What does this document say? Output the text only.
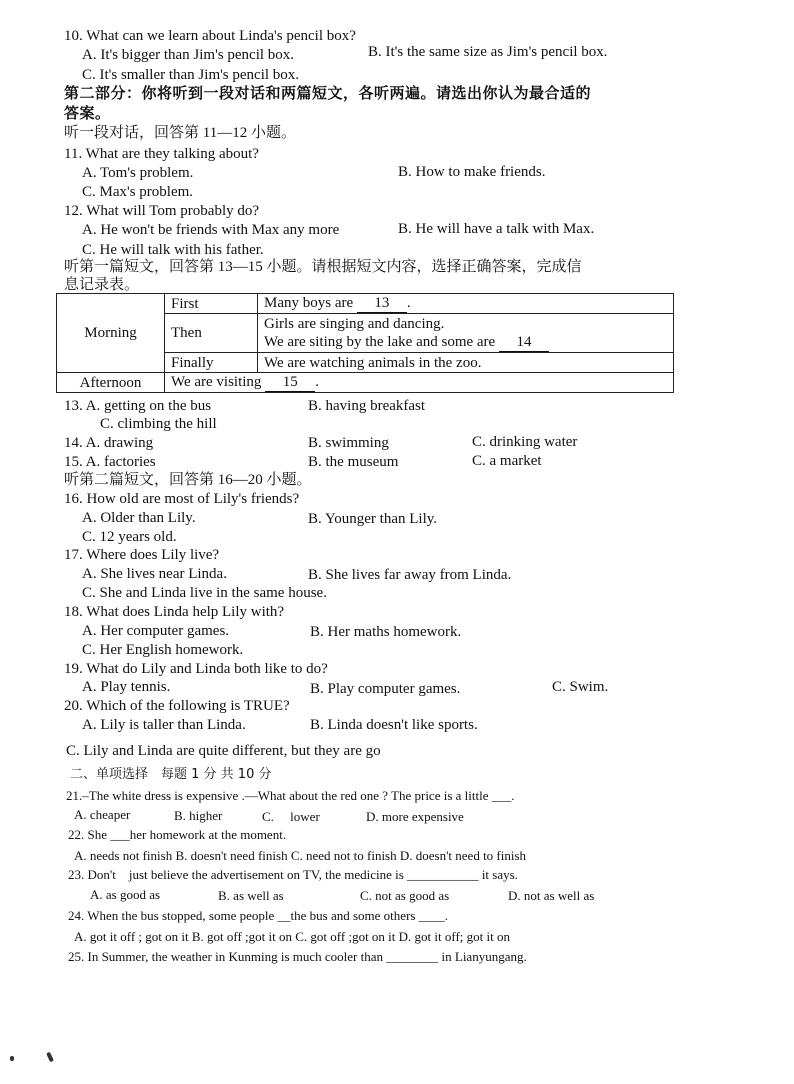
10. What can we learn about Linda's pencil box?
A. It's bigger than Jim's pencil box.	B. It's the same size as Jim's pencil box.
C. It's smaller than Jim's pencil box.
第二部分：你将听到一段对话和两篇短文，各听两遍。请选出你认为最合适的
答案。
听一段对话，回答第 11—12 小题。
11. What are they talking about?
A. Tom's problem.	B. How to make friends.
C. Max's problem.
12. What will Tom probably do?
A. He won't be friends with Max any more	B. He will have a talk with Max.
C. He will talk with his father.
听第一篇短文，回答第 13—15 小题。请根据短文内容，选择正确答案，完成信
息记录表。
Morning	First	Many boys are 13 .
	Then	Girls are singing and dancing.
		We are siting by the lake and some are 14
	Finally	We are watching animals in the zoo.
Afternoon	We are visiting 15 .	
13. A. getting on the bus	B. having breakfast
C. climbing the hill
14. A. drawing	B. swimming	C. drinking water
15. A. factories	B. the museum	C. a market
听第二篇短文，回答第 16—20 小题。
16. How old are most of Lily's friends?
A. Older than Lily.	B. Younger than Lily.
C. 12 years old.
17. Where does Lily live?
A. She lives near Linda.	B. She lives far away from Linda.
C. She and Linda live in the same house.
18. What does Linda help Lily with?
A. Her computer games.	B. Her maths homework.
C. Her English homework.
19. What do Lily and Linda both like to do?
A. Play tennis.	B. Play computer games.	C. Swim.
20. Which of the following is TRUE?
A. Lily is taller than Linda.	B. Linda doesn't like sports.
C. Lily and Linda are quite different, but they are go
二、单项选择　每题 1 分 共 10 分
21.–The white dress is expensive .—What about the red one ? The price is a little ___.
A. cheaper	B. higher	C.　 lower	D. more expensive
22. She ___her homework at the moment.
A. needs not finish B. doesn't need finish C. need not to finish D. doesn't need to finish
23. Don't　just believe the advertisement on TV, the medicine is ___________ it says.
A. as good as	B. as well as	C. not as good as	D. not as well as
24. When the bus stopped, some people __the bus and some others ____.
A. got it off ; got on it B. got off ;got it on C. got off ;got on it D. got it off; got it on
25. In Summer, the weather in Kunming is much cooler than ________ in Lianyungang.
